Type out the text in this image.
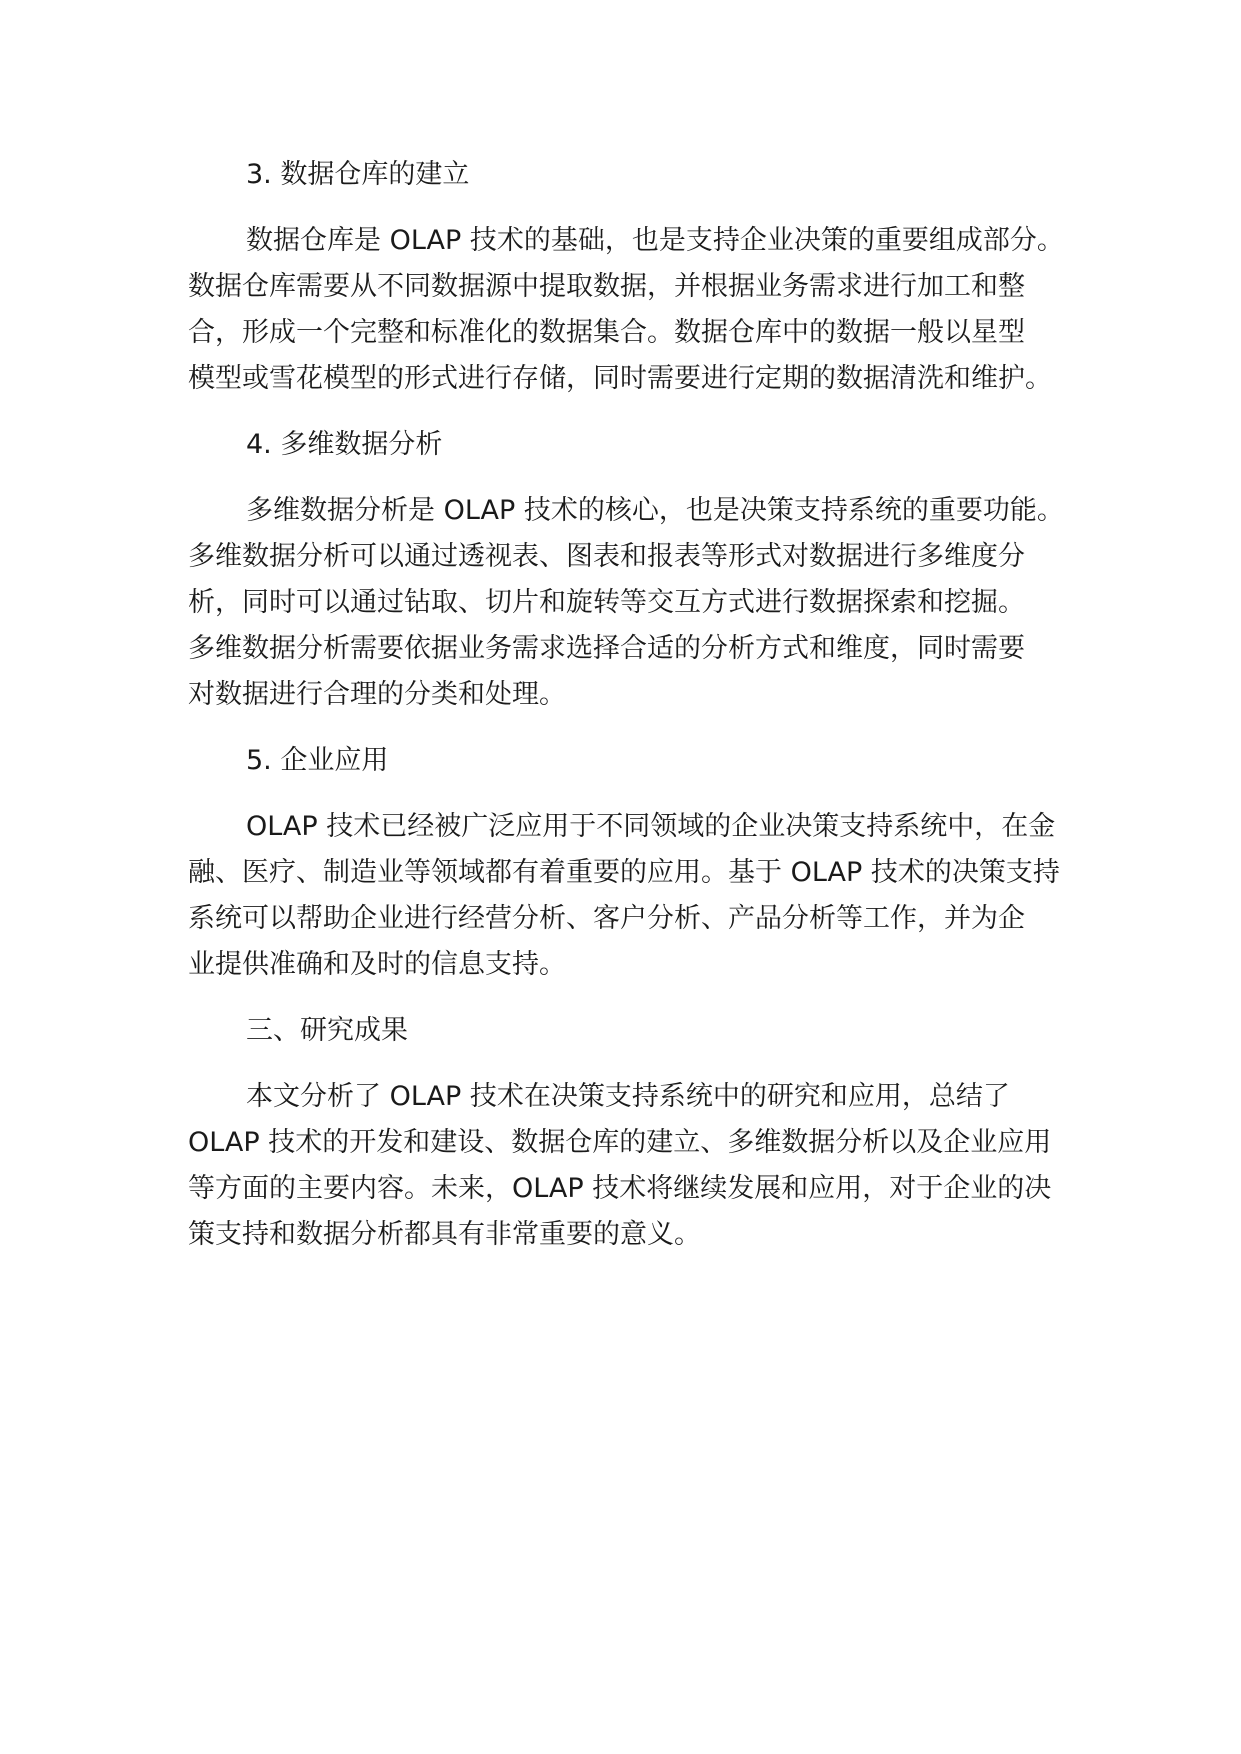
3. 数据仓库的建立
数据仓库是 OLAP 技术的基础，也是支持企业决策的重要组成部分。
数据仓库需要从不同数据源中提取数据，并根据业务需求进行加工和整
合，形成一个完整和标准化的数据集合。数据仓库中的数据一般以星型
模型或雪花模型的形式进行存储，同时需要进行定期的数据清洗和维护。
4. 多维数据分析
多维数据分析是 OLAP 技术的核心，也是决策支持系统的重要功能。
多维数据分析可以通过透视表、图表和报表等形式对数据进行多维度分
析，同时可以通过钻取、切片和旋转等交互方式进行数据探索和挖掘。
多维数据分析需要依据业务需求选择合适的分析方式和维度，同时需要
对数据进行合理的分类和处理。
5. 企业应用
OLAP 技术已经被广泛应用于不同领域的企业决策支持系统中，在金
融、医疗、制造业等领域都有着重要的应用。基于 OLAP 技术的决策支持
系统可以帮助企业进行经营分析、客户分析、产品分析等工作，并为企
业提供准确和及时的信息支持。
三、研究成果
本文分析了 OLAP 技术在决策支持系统中的研究和应用，总结了
OLAP 技术的开发和建设、数据仓库的建立、多维数据分析以及企业应用
等方面的主要内容。未来，OLAP 技术将继续发展和应用，对于企业的决
策支持和数据分析都具有非常重要的意义。
